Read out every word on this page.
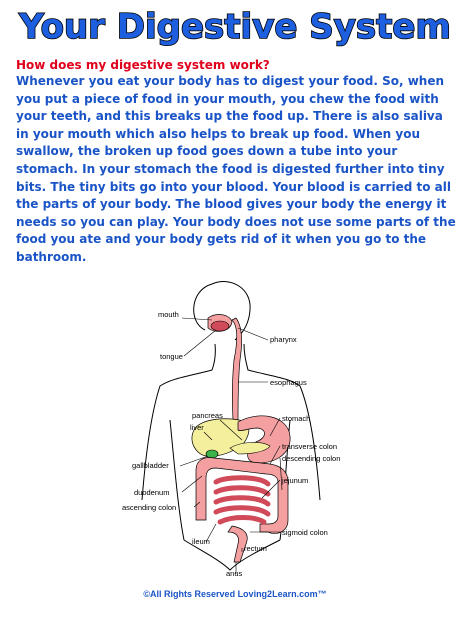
Your Digestive System
How does my digestive system work?
Whenever you eat your body has to digest your food. So, when you put a piece of food in your mouth, you chew the food with your teeth, and this breaks up the food up. There is also saliva in your mouth which also helps to break up food. When you swallow, the broken up food goes down a tube into your stomach. In your stomach the food is digested further into tiny bits. The tiny bits go into your blood. Your blood is carried to all the parts of your body. The blood gives your body the energy it needs so you can play. Your body does not use some parts of the food you ate and your body gets rid of it when you go to the bathroom.
mouth
pharynx
tongue
esophagus
pancreas	stomach
liver
gallbladder
transverse colon
descending colon
jejunum
duodenum
ascending colon
sigmoid colon
ileum
rectum
anus
©All Rights Reserved Loving2Learn.com™
